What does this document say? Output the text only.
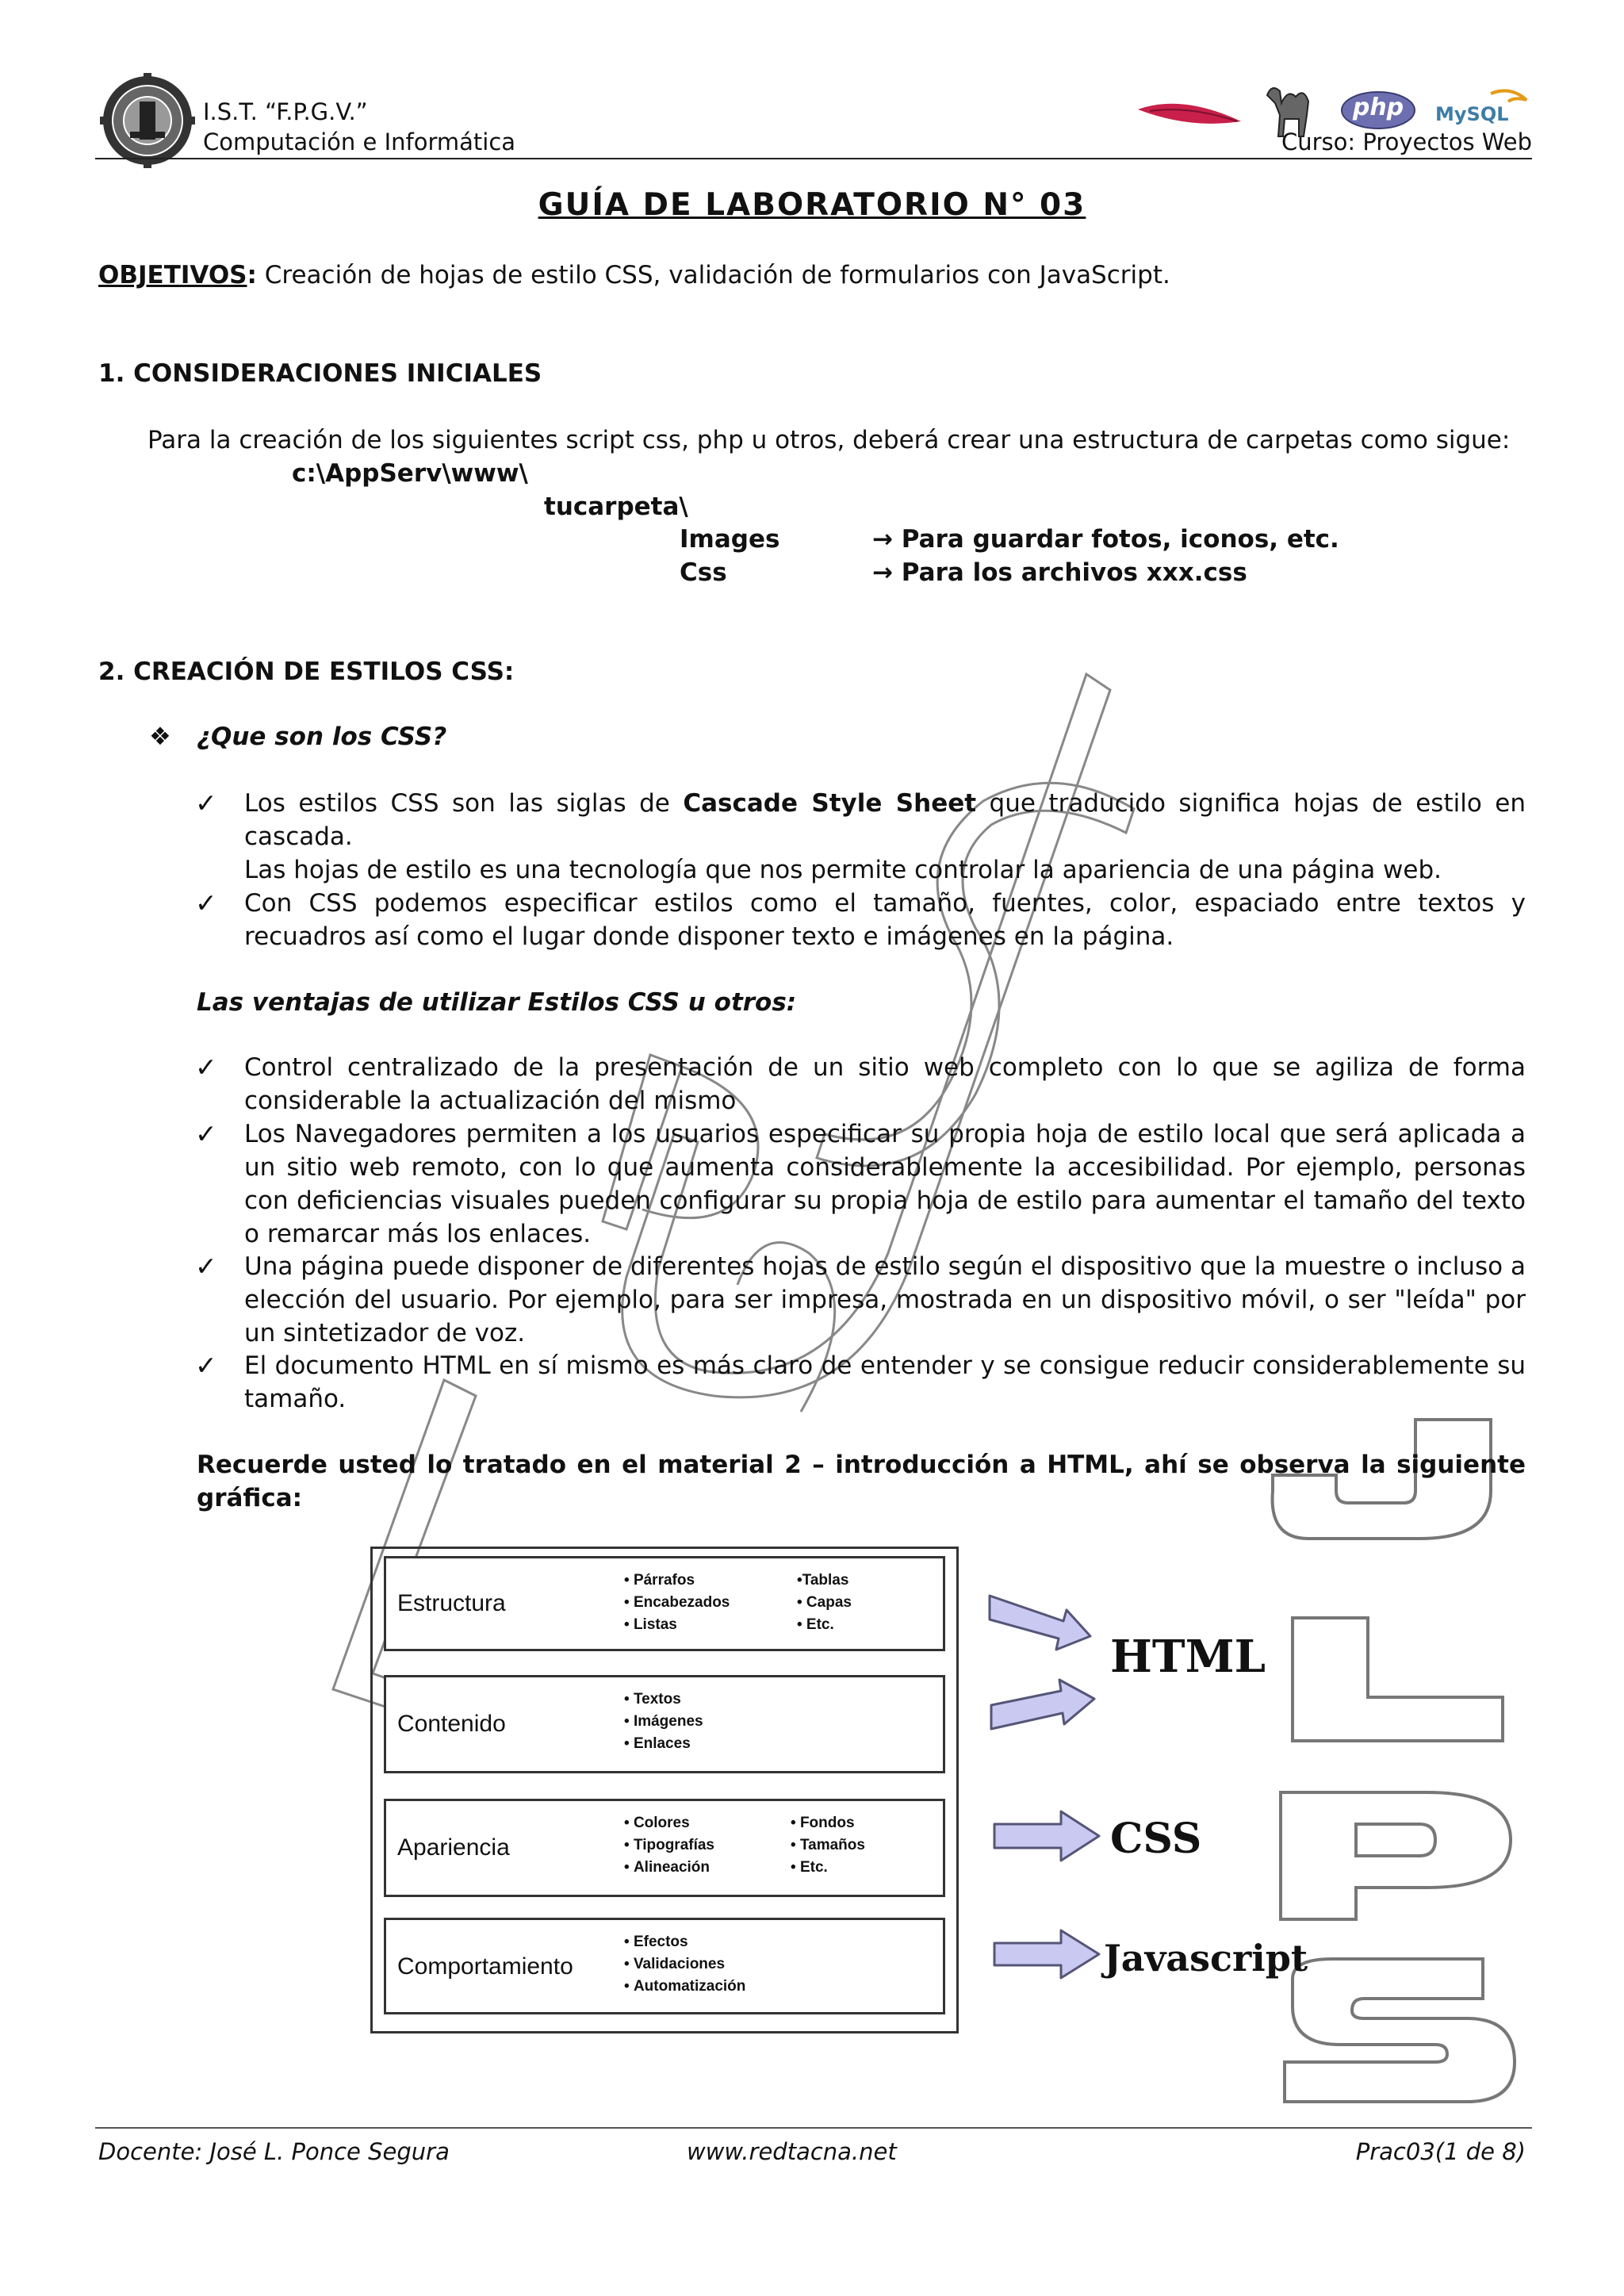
I.S.T. “F.P.G.V.”
Computación e Informática
php	MySQL
Curso: Proyectos Web
GUÍA DE LABORATORIO N° 03
OBJETIVOS: Creación de hojas de estilo CSS, validación de formularios con JavaScript.
1. CONSIDERACIONES INICIALES
Para la creación de los siguientes script css, php u otros, deberá crear una estructura de carpetas como sigue:
c:\AppServ\www\
tucarpeta\
Images	→ Para guardar fotos, iconos, etc.
Css	→ Para los archivos xxx.css
2. CREACIÓN DE ESTILOS CSS:
❖ ¿Que son los CSS?
✓ Los estilos CSS son las siglas de Cascade Style Sheet que traducido significa hojas de estilo en cascada.
Las hojas de estilo es una tecnología que nos permite controlar la apariencia de una página web.
✓ Con CSS podemos especificar estilos como el tamaño, fuentes, color, espaciado entre textos y recuadros así como el lugar donde disponer texto e imágenes en la página.
Las ventajas de utilizar Estilos CSS u otros:
✓ Control centralizado de la presentación de un sitio web completo con lo que se agiliza de forma considerable la actualización del mismo
✓ Los Navegadores permiten a los usuarios especificar su propia hoja de estilo local que será aplicada a un sitio web remoto, con lo que aumenta considerablemente la accesibilidad. Por ejemplo, personas con deficiencias visuales pueden configurar su propia hoja de estilo para aumentar el tamaño del texto o remarcar más los enlaces.
✓ Una página puede disponer de diferentes hojas de estilo según el dispositivo que la muestre o incluso a elección del usuario. Por ejemplo, para ser impresa, mostrada en un dispositivo móvil, o ser "leída" por un sintetizador de voz.
✓ El documento HTML en sí mismo es más claro de entender y se consigue reducir considerablemente su tamaño.
Recuerde usted lo tratado en el material 2 – introducción a HTML, ahí se observa la siguiente gráfica:
Estructura
• Párrafos
• Encabezados
• Listas
•Tablas
• Capas
• Etc.
Contenido
• Textos
• Imágenes
• Enlaces
Apariencia
• Colores
• Tipografías
• Alineación
• Fondos
• Tamaños
• Etc.
Comportamiento
• Efectos
• Validaciones
• Automatización
HTML
CSS
Javascript
Docente: José L. Ponce Segura	www.redtacna.net	Prac03(1 de 8)
